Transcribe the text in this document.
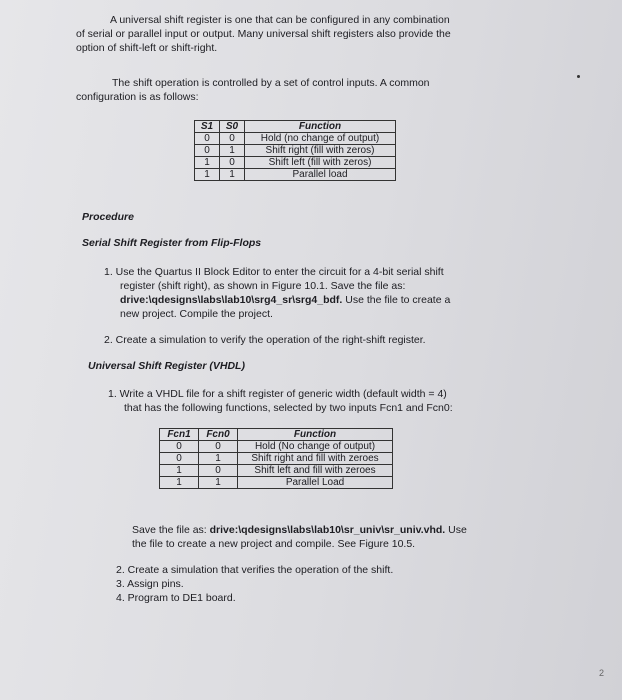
A universal shift register is one that can be configured in any combination
of serial or parallel input or output. Many universal shift registers also provide the
option of shift-left or shift-right.
The shift operation is controlled by a set of control inputs. A common
configuration is as follows:
S1	S0	Function
0	0	Hold (no change of output)
0	1	Shift right (fill with zeros)
1	0	Shift left (fill with zeros)
1	1	Parallel load
Procedure
Serial Shift Register from Flip-Flops
1. Use the Quartus II Block Editor to enter the circuit for a 4-bit serial shift
register (shift right), as shown in Figure 10.1. Save the file as:
drive:\qdesigns\labs\lab10\srg4_sr\srg4_bdf. Use the file to create a
new project. Compile the project.
2. Create a simulation to verify the operation of the right-shift register.
Universal Shift Register (VHDL)
1. Write a VHDL file for a shift register of generic width (default width = 4)
that has the following functions, selected by two inputs Fcn1 and Fcn0:
Fcn1	Fcn0	Function
0	0	Hold (No change of output)
0	1	Shift right and fill with zeroes
1	0	Shift left and fill with zeroes
1	1	Parallel Load
Save the file as: drive:\qdesigns\labs\lab10\sr_univ\sr_univ.vhd. Use
the file to create a new project and compile. See Figure 10.5.
2. Create a simulation that verifies the operation of the shift.
3. Assign pins.
4. Program to DE1 board.
2
